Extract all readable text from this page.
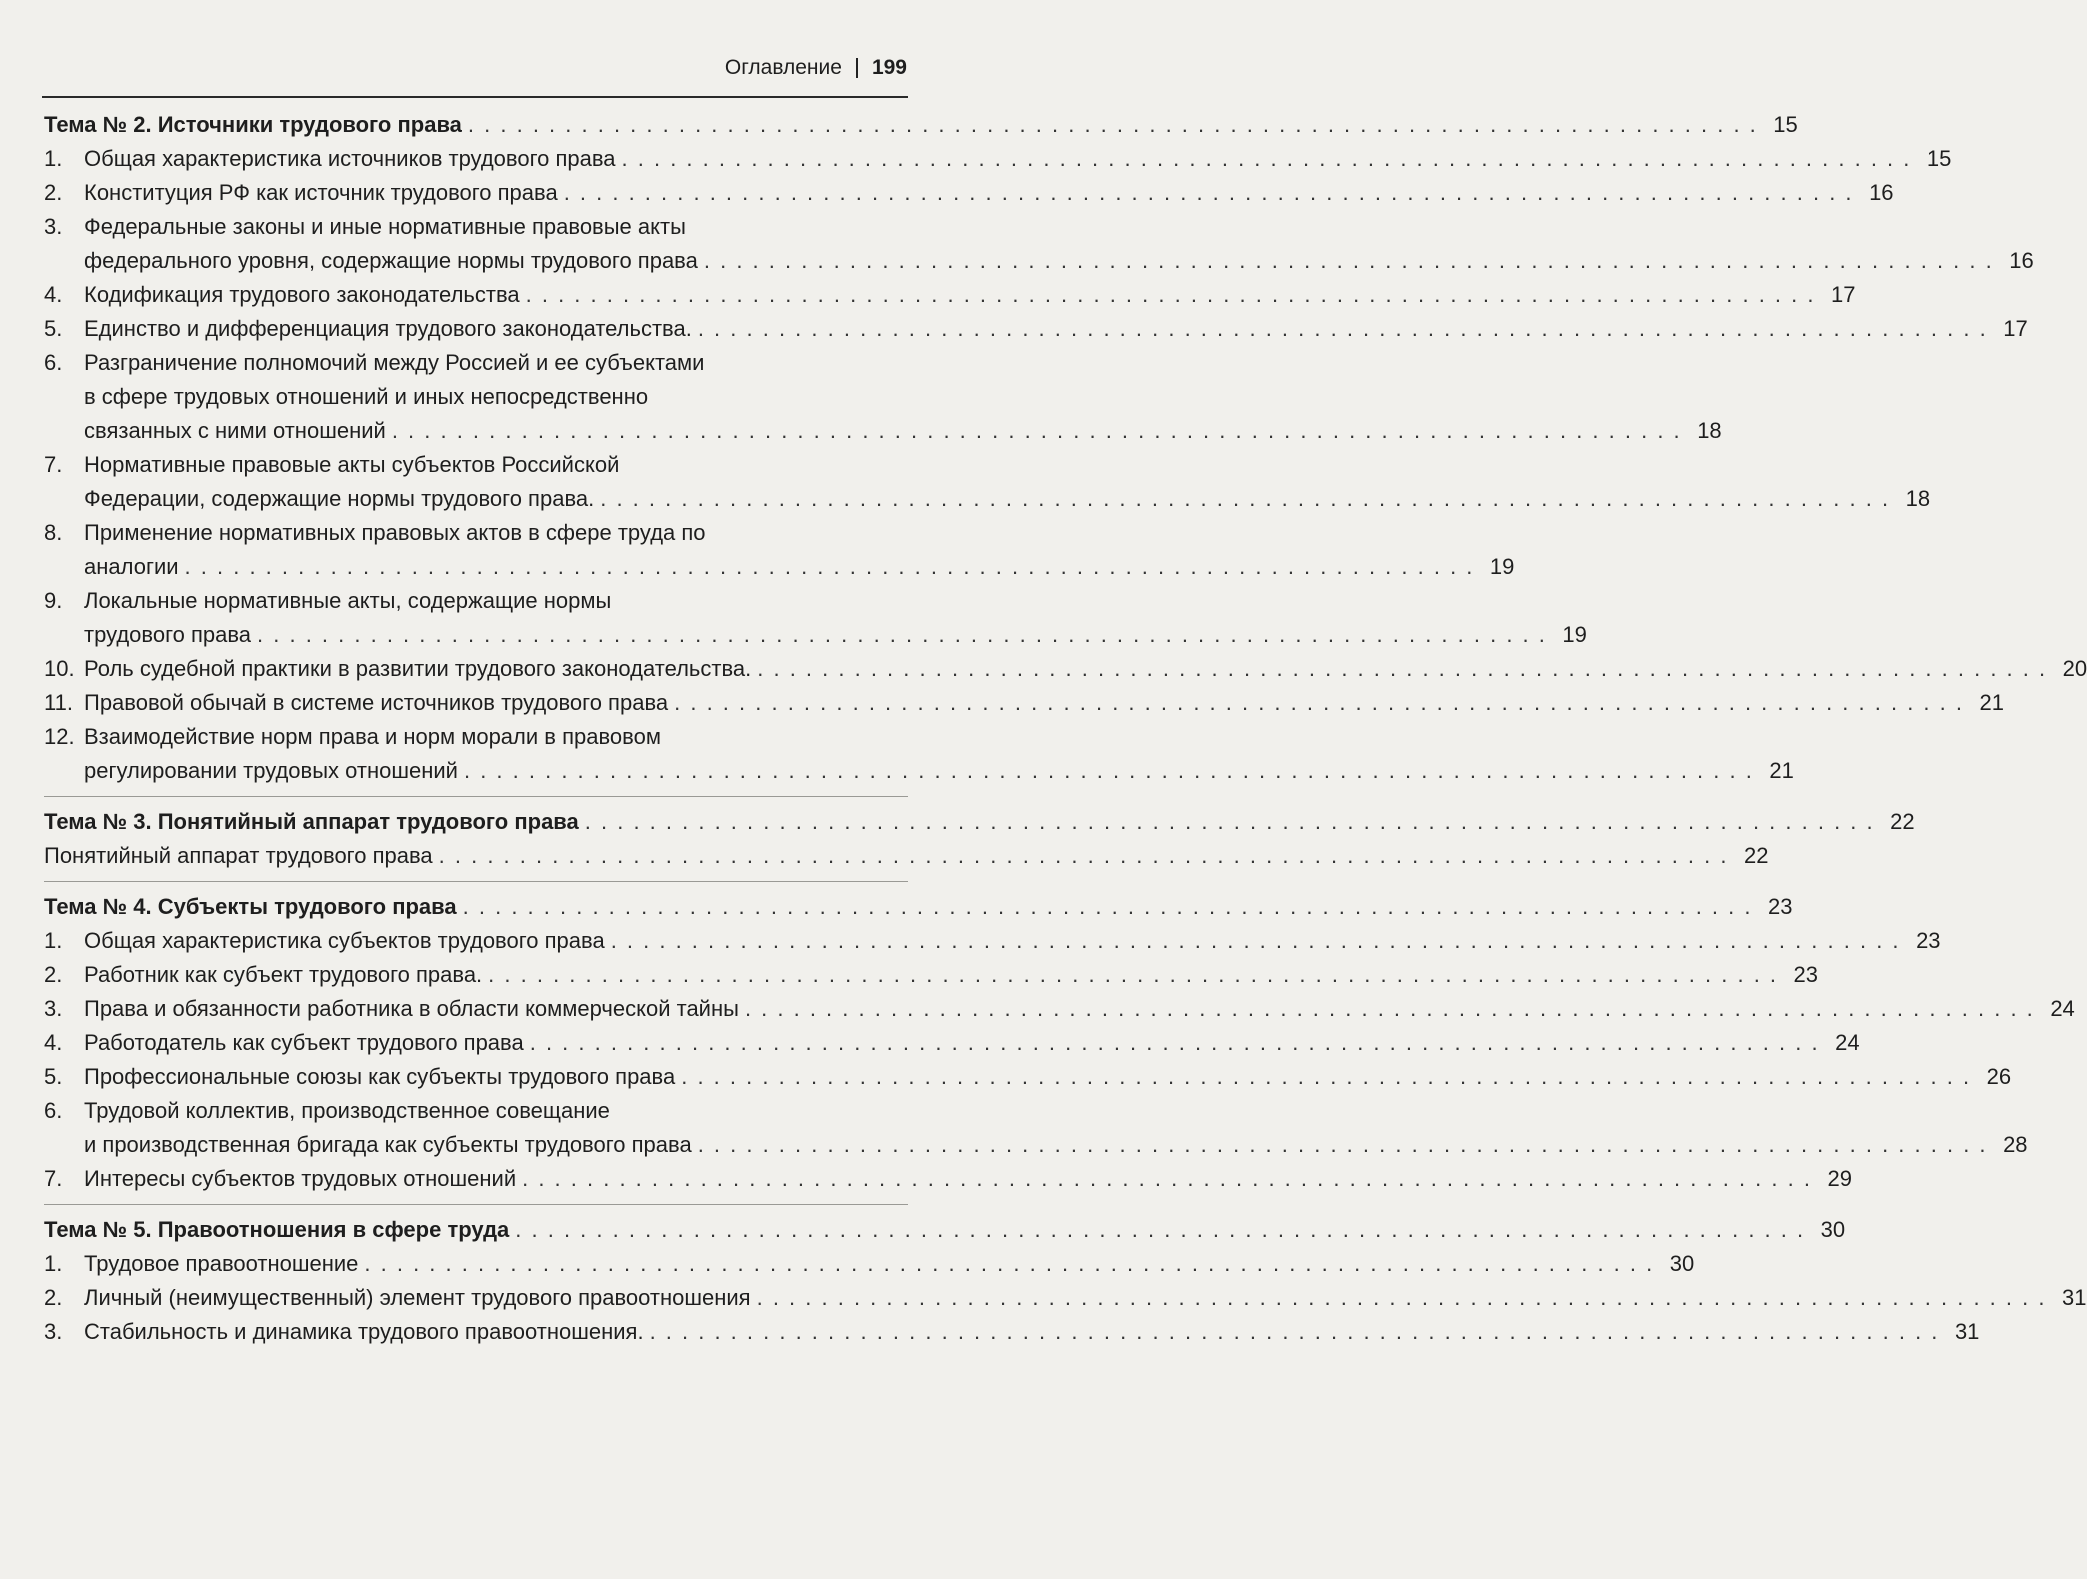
Оглавление 199
Тема № 2. Источники трудового права . . . . . . . . . . . . . . . . . . . . . . . . . . . . . . . . . . . . . . . . . . . . . . . . . . . . . . . . . . . . . . . . . . . . . . . . . . . . . . . . 15
1. Общая характеристика источников трудового права . . . . . . . . . . . . . . . . . . . . . . . . . . . . . . . . . . . . . . . . . . . . . . . . . . . . . . . . . . . . . . . . . . . . . . . . . . . . . . . . 15
2. Конституция РФ как источник трудового права . . . . . . . . . . . . . . . . . . . . . . . . . . . . . . . . . . . . . . . . . . . . . . . . . . . . . . . . . . . . . . . . . . . . . . . . . . . . . . . . 16
3. Федеральные законы и иные нормативные правовые акты
федерального уровня, содержащие нормы трудового права . . . . . . . . . . . . . . . . . . . . . . . . . . . . . . . . . . . . . . . . . . . . . . . . . . . . . . . . . . . . . . . . . . . . . . . . . . . . . . . . 16
4. Кодификация трудового законодательства . . . . . . . . . . . . . . . . . . . . . . . . . . . . . . . . . . . . . . . . . . . . . . . . . . . . . . . . . . . . . . . . . . . . . . . . . . . . . . . . 17
5. Единство и дифференциация трудового законодательства. . . . . . . . . . . . . . . . . . . . . . . . . . . . . . . . . . . . . . . . . . . . . . . . . . . . . . . . . . . . . . . . . . . . . . . . . . . . . . . . . 17
6. Разграничение полномочий между Россией и ее субъектами
в сфере трудовых отношений и иных непосредственно
связанных с ними отношений . . . . . . . . . . . . . . . . . . . . . . . . . . . . . . . . . . . . . . . . . . . . . . . . . . . . . . . . . . . . . . . . . . . . . . . . . . . . . . . . 18
7. Нормативные правовые акты субъектов Российской
Федерации, содержащие нормы трудового права. . . . . . . . . . . . . . . . . . . . . . . . . . . . . . . . . . . . . . . . . . . . . . . . . . . . . . . . . . . . . . . . . . . . . . . . . . . . . . . . . 18
8. Применение нормативных правовых актов в сфере труда по
аналогии . . . . . . . . . . . . . . . . . . . . . . . . . . . . . . . . . . . . . . . . . . . . . . . . . . . . . . . . . . . . . . . . . . . . . . . . . . . . . . . . 19
9. Локальные нормативные акты, содержащие нормы
трудового права . . . . . . . . . . . . . . . . . . . . . . . . . . . . . . . . . . . . . . . . . . . . . . . . . . . . . . . . . . . . . . . . . . . . . . . . . . . . . . . . 19
10. Роль судебной практики в развитии трудового законодательства. . . . . . . . . . . . . . . . . . . . . . . . . . . . . . . . . . . . . . . . . . . . . . . . . . . . . . . . . . . . . . . . . . . . . . . . . . . . . . . . . 20
11. Правовой обычай в системе источников трудового права . . . . . . . . . . . . . . . . . . . . . . . . . . . . . . . . . . . . . . . . . . . . . . . . . . . . . . . . . . . . . . . . . . . . . . . . . . . . . . . . 21
12. Взаимодействие норм права и норм морали в правовом
регулировании трудовых отношений . . . . . . . . . . . . . . . . . . . . . . . . . . . . . . . . . . . . . . . . . . . . . . . . . . . . . . . . . . . . . . . . . . . . . . . . . . . . . . . . 21
Тема № 3. Понятийный аппарат трудового права . . . . . . . . . . . . . . . . . . . . . . . . . . . . . . . . . . . . . . . . . . . . . . . . . . . . . . . . . . . . . . . . . . . . . . . . . . . . . . . . 22
Понятийный аппарат трудового права . . . . . . . . . . . . . . . . . . . . . . . . . . . . . . . . . . . . . . . . . . . . . . . . . . . . . . . . . . . . . . . . . . . . . . . . . . . . . . . . 22
Тема № 4. Субъекты трудового права . . . . . . . . . . . . . . . . . . . . . . . . . . . . . . . . . . . . . . . . . . . . . . . . . . . . . . . . . . . . . . . . . . . . . . . . . . . . . . . . 23
1. Общая характеристика субъектов трудового права . . . . . . . . . . . . . . . . . . . . . . . . . . . . . . . . . . . . . . . . . . . . . . . . . . . . . . . . . . . . . . . . . . . . . . . . . . . . . . . . 23
2. Работник как субъект трудового права. . . . . . . . . . . . . . . . . . . . . . . . . . . . . . . . . . . . . . . . . . . . . . . . . . . . . . . . . . . . . . . . . . . . . . . . . . . . . . . . . 23
3. Права и обязанности работника в области коммерческой тайны . . . . . . . . . . . . . . . . . . . . . . . . . . . . . . . . . . . . . . . . . . . . . . . . . . . . . . . . . . . . . . . . . . . . . . . . . . . . . . . . 24
4. Работодатель как субъект трудового права . . . . . . . . . . . . . . . . . . . . . . . . . . . . . . . . . . . . . . . . . . . . . . . . . . . . . . . . . . . . . . . . . . . . . . . . . . . . . . . . 24
5. Профессиональные союзы как субъекты трудового права . . . . . . . . . . . . . . . . . . . . . . . . . . . . . . . . . . . . . . . . . . . . . . . . . . . . . . . . . . . . . . . . . . . . . . . . . . . . . . . . 26
6. Трудовой коллектив, производственное совещание
и производственная бригада как субъекты трудового права . . . . . . . . . . . . . . . . . . . . . . . . . . . . . . . . . . . . . . . . . . . . . . . . . . . . . . . . . . . . . . . . . . . . . . . . . . . . . . . . 28
7. Интересы субъектов трудовых отношений . . . . . . . . . . . . . . . . . . . . . . . . . . . . . . . . . . . . . . . . . . . . . . . . . . . . . . . . . . . . . . . . . . . . . . . . . . . . . . . . 29
Тема № 5. Правоотношения в сфере труда . . . . . . . . . . . . . . . . . . . . . . . . . . . . . . . . . . . . . . . . . . . . . . . . . . . . . . . . . . . . . . . . . . . . . . . . . . . . . . . . 30
1. Трудовое правоотношение . . . . . . . . . . . . . . . . . . . . . . . . . . . . . . . . . . . . . . . . . . . . . . . . . . . . . . . . . . . . . . . . . . . . . . . . . . . . . . . . 30
2. Личный (неимущественный) элемент трудового правоотношения . . . . . . . . . . . . . . . . . . . . . . . . . . . . . . . . . . . . . . . . . . . . . . . . . . . . . . . . . . . . . . . . . . . . . . . . . . . . . . . . 31
3. Стабильность и динамика трудового правоотношения. . . . . . . . . . . . . . . . . . . . . . . . . . . . . . . . . . . . . . . . . . . . . . . . . . . . . . . . . . . . . . . . . . . . . . . . . . . . . . . . . 31
